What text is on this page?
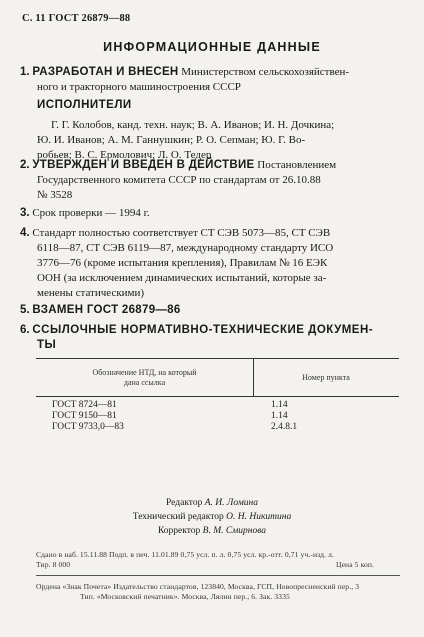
С. 11 ГОСТ 26879—88
ИНФОРМАЦИОННЫЕ ДАННЫЕ
1. РАЗРАБОТАН И ВНЕСЕН Министерством сельскохозяйствен-
ного и тракторного машиностроения СССР
ИСПОЛНИТЕЛИ
Г. Г. Колобов, канд. техн. наук; В. А. Иванов; И. Н. Дочкина;
Ю. И. Иванов; А. М. Ганнушкин; Р. О. Сепман; Ю. Г. Во-
робьев; В. С. Ермолович; Л. О. Тедер
2. УТВЕРЖДЕН И ВВЕДЕН В ДЕЙСТВИЕ Постановлением
Государственного комитета СССР по стандартам от 26.10.88
№ 3528
3. Срок проверки — 1994 г.
4. Стандарт полностью соответствует СТ СЭВ 5073—85, СТ СЭВ
6118—87, СТ СЭВ 6119—87, международному стандарту ИСО
3776—76 (кроме испытания крепления), Правилам № 16 ЕЭК
ООН (за исключением динамических испытаний, которые за-
менены статическими)
5. ВЗАМЕН ГОСТ 26879—86
6. ССЫЛОЧНЫЕ НОРМАТИВНО-ТЕХНИЧЕСКИЕ ДОКУМЕН-
ТЫ
Обозначение НТД, на который
дана ссылка
Номер пункта
ГОСТ 8724—81	1.14
ГОСТ 9150—81	1.14
ГОСТ 9733,0—83	2.4.8.1
Редактор А. И. Ломина
Технический редактор О. Н. Никитина
Корректор В. М. Смирнова
Сдано в наб. 15.11.88 Подп. в печ. 11.01.89 0,75 усл. п. л. 0,75 усл. кр.-отт. 0,71 уч.-изд. л.
Тир. 8 000	Цена 5 коп.
Ордена «Знак Почета» Издательство стандартов, 123840, Москва, ГСП, Новопресненский пер., 3
Тип. «Московский печатник». Москва, Лялин пер., 6. Зак. 3335
